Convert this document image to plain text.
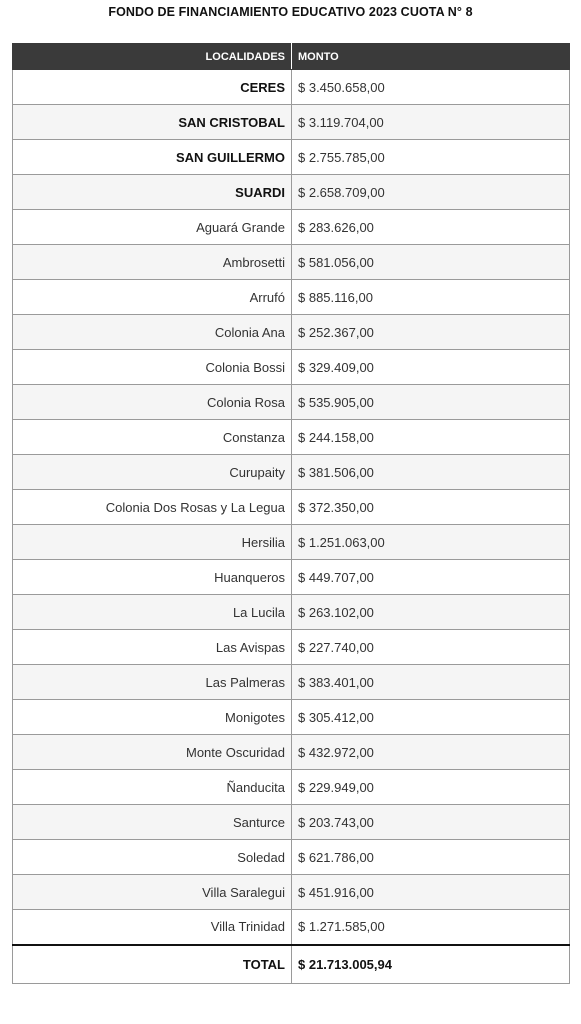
FONDO DE FINANCIAMIENTO EDUCATIVO 2023 CUOTA N° 8
LOCALIDADES	MONTO
CERES	$ 3.450.658,00
SAN CRISTOBAL	$ 3.119.704,00
SAN GUILLERMO	$ 2.755.785,00
SUARDI	$ 2.658.709,00
Aguará Grande	$ 283.626,00
Ambrosetti	$ 581.056,00
Arrufó	$ 885.116,00
Colonia Ana	$ 252.367,00
Colonia Bossi	$ 329.409,00
Colonia Rosa	$ 535.905,00
Constanza	$ 244.158,00
Curupaity	$ 381.506,00
Colonia Dos Rosas y La Legua	$ 372.350,00
Hersilia	$ 1.251.063,00
Huanqueros	$ 449.707,00
La Lucila	$ 263.102,00
Las Avispas	$ 227.740,00
Las Palmeras	$ 383.401,00
Monigotes	$ 305.412,00
Monte Oscuridad	$ 432.972,00
Ñanducita	$ 229.949,00
Santurce	$ 203.743,00
Soledad	$ 621.786,00
Villa Saralegui	$ 451.916,00
Villa Trinidad	$ 1.271.585,00
TOTAL	$ 21.713.005,94
